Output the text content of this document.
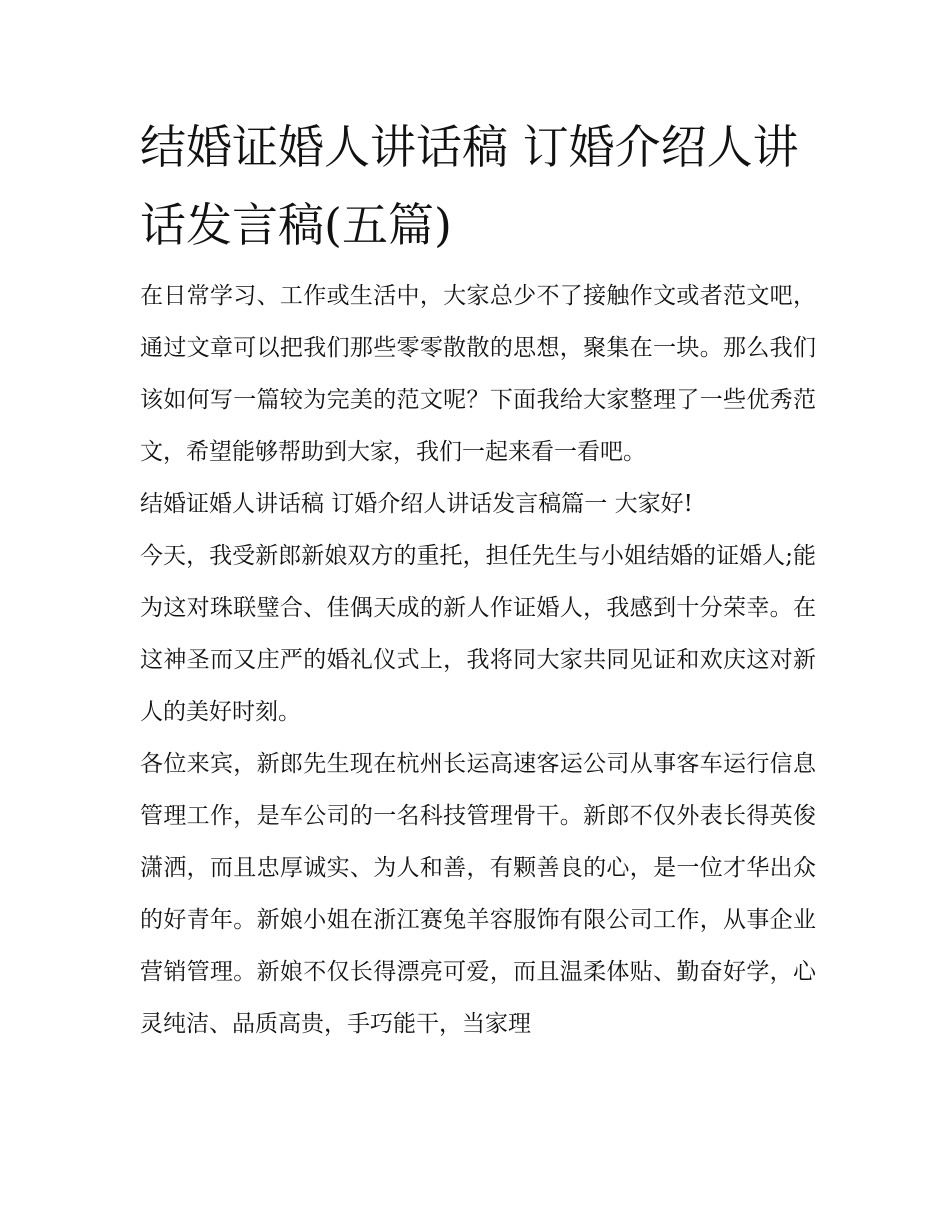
结婚证婚人讲话稿 订婚介绍人讲话发言稿(五篇)

在日常学习、工作或生活中，大家总少不了接触作文或者范文吧，通过文章可以把我们那些零零散散的思想，聚集在一块。那么我们该如何写一篇较为完美的范文呢？下面我给大家整理了一些优秀范文，希望能够帮助到大家，我们一起来看一看吧。

结婚证婚人讲话稿 订婚介绍人讲话发言稿篇一 大家好!

今天，我受新郎新娘双方的重托，担任先生与小姐结婚的证婚人;能为这对珠联璧合、佳偶天成的新人作证婚人，我感到十分荣幸。在这神圣而又庄严的婚礼仪式上，我将同大家共同见证和欢庆这对新人的美好时刻。

各位来宾，新郎先生现在杭州长运高速客运公司从事客车运行信息管理工作，是车公司的一名科技管理骨干。新郎不仅外表长得英俊潇洒，而且忠厚诚实、为人和善，有颗善良的心，是一位才华出众的好青年。新娘小姐在浙江赛兔羊容服饰有限公司工作，从事企业营销管理。新娘不仅长得漂亮可爱，而且温柔体贴、勤奋好学，心灵纯洁、品质高贵，手巧能干，当家理
